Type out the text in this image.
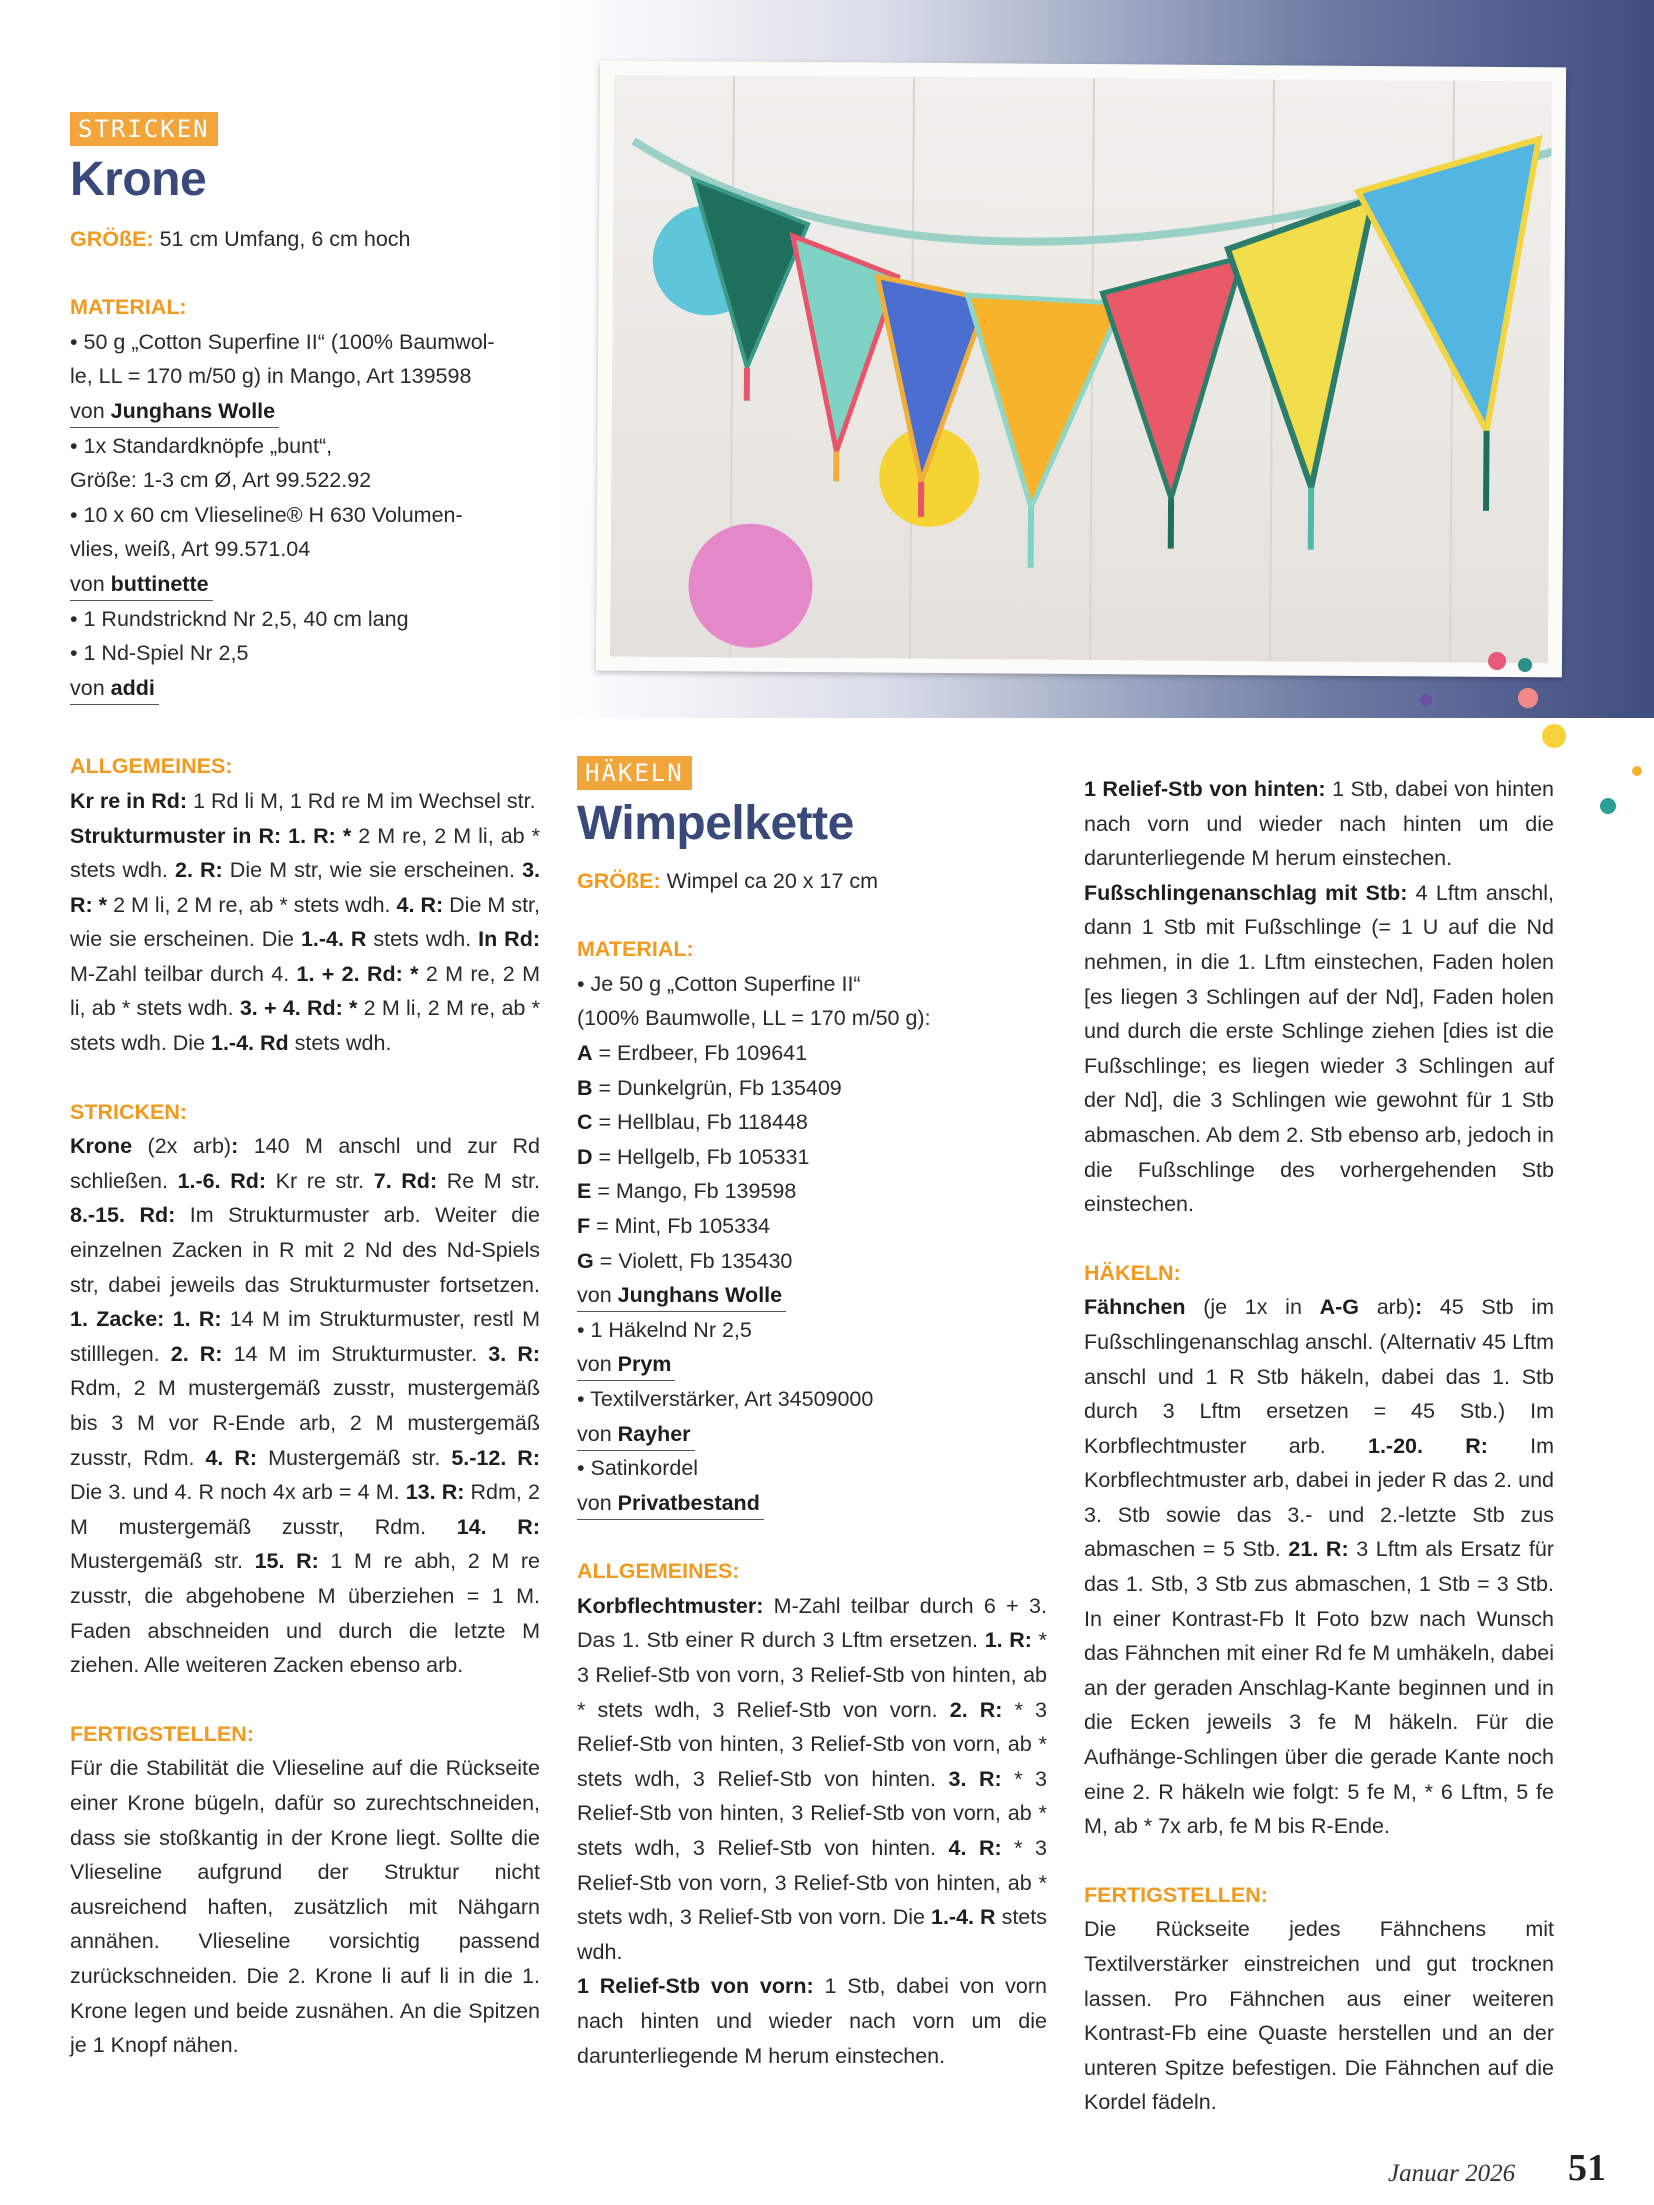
STRICKEN
Krone

GRÖßE: 51 cm Umfang, 6 cm hoch

MATERIAL:

• 50 g „Cotton Superfine II“ (100% Baumwol-

le, LL = 170 m/50 g) in Mango, Art 139598

von Junghans Wolle

• 1x Standardknöpfe „bunt“,

Größe: 1-3 cm Ø, Art 99.522.92

• 10 x 60 cm Vlieseline® H 630 Volumen-

vlies, weiß, Art 99.571.04

von buttinette

• 1 Rundstricknd Nr 2,5, 40 cm lang

• 1 Nd-Spiel Nr 2,5

von addi

ALLGEMEINES:

Kr re in Rd: 1 Rd li M, 1 Rd re M im Wechsel str.

Strukturmuster in R: 1. R: * 2 M re, 2 M li, ab * stets wdh. 2. R: Die M str, wie sie erscheinen. 3. R: * 2 M li, 2 M re, ab * stets wdh. 4. R: Die M str, wie sie erscheinen. Die 1.-4. R stets wdh. In Rd: M-Zahl teilbar durch 4. 1. + 2. Rd: * 2 M re, 2 M li, ab * stets wdh. 3. + 4. Rd: * 2 M li, 2 M re, ab * stets wdh. Die 1.-4. Rd stets wdh.

STRICKEN:

Krone (2x arb): 140 M anschl und zur Rd schließen. 1.-6. Rd: Kr re str. 7. Rd: Re M str. 8.-15. Rd: Im Strukturmuster arb. Weiter die einzelnen Zacken in R mit 2 Nd des Nd-Spiels str, dabei jeweils das Strukturmuster fortsetzen. 1. Zacke: 1. R: 14 M im Strukturmuster, restl M stilllegen. 2. R: 14 M im Strukturmuster. 3. R: Rdm, 2 M mustergemäß zusstr, mustergemäß bis 3 M vor R-Ende arb, 2 M mustergemäß zusstr, Rdm. 4. R: Mustergemäß str. 5.-12. R: Die 3. und 4. R noch 4x arb = 4 M. 13. R: Rdm, 2 M mustergemäß zusstr, Rdm. 14. R: Mustergemäß str. 15. R: 1 M re abh, 2 M re zusstr, die abgehobene M überziehen = 1 M. Faden abschneiden und durch die letzte M ziehen. Alle weiteren Zacken ebenso arb.

FERTIGSTELLEN:

Für die Stabilität die Vlieseline auf die Rückseite einer Krone bügeln, dafür so zurechtschneiden, dass sie stoßkantig in der Krone liegt. Sollte die Vlieseline aufgrund der Struktur nicht ausreichend haften, zusätzlich mit Nähgarn annähen. Vlieseline vorsichtig passend zurückschneiden. Die 2. Krone li auf li in die 1. Krone legen und beide zusnähen. An die Spitzen je 1 Knopf nähen.

HÄKELN
Wimpelkette

GRÖßE: Wimpel ca 20 x 17 cm

MATERIAL:

• Je 50 g „Cotton Superfine II“

(100% Baumwolle, LL = 170 m/50 g):

A = Erdbeer, Fb 109641

B = Dunkelgrün, Fb 135409

C = Hellblau, Fb 118448

D = Hellgelb, Fb 105331

E = Mango, Fb 139598

F = Mint, Fb 105334

G = Violett, Fb 135430

von Junghans Wolle

• 1 Häkelnd Nr 2,5

von Prym

• Textilverstärker, Art 34509000

von Rayher

• Satinkordel

von Privatbestand

ALLGEMEINES:

Korbflechtmuster: M-Zahl teilbar durch 6 + 3. Das 1. Stb einer R durch 3 Lftm ersetzen. 1. R: * 3 Relief-Stb von vorn, 3 Relief-Stb von hinten, ab * stets wdh, 3 Relief-Stb von vorn. 2. R: * 3 Relief-Stb von hinten, 3 Relief-Stb von vorn, ab * stets wdh, 3 Relief-Stb von hinten. 3. R: * 3 Relief-Stb von hinten, 3 Relief-Stb von vorn, ab * stets wdh, 3 Relief-Stb von hinten. 4. R: * 3 Relief-Stb von vorn, 3 Relief-Stb von hinten, ab * stets wdh, 3 Relief-Stb von vorn. Die 1.-4. R stets wdh.

1 Relief-Stb von vorn: 1 Stb, dabei von vorn nach hinten und wieder nach vorn um die darunterliegende M herum einstechen.

1 Relief-Stb von hinten: 1 Stb, dabei von hinten nach vorn und wieder nach hinten um die darunterliegende M herum einstechen.

Fußschlingenanschlag mit Stb: 4 Lftm anschl, dann 1 Stb mit Fußschlinge (= 1 U auf die Nd nehmen, in die 1. Lftm einstechen, Faden holen [es liegen 3 Schlingen auf der Nd], Faden holen und durch die erste Schlinge ziehen [dies ist die Fußschlinge; es liegen wieder 3 Schlingen auf der Nd], die 3 Schlingen wie gewohnt für 1 Stb abmaschen. Ab dem 2. Stb ebenso arb, jedoch in die Fußschlinge des vorhergehenden Stb einstechen.

HÄKELN:

Fähnchen (je 1x in A-G arb): 45 Stb im Fußschlingenanschlag anschl. (Alternativ 45 Lftm anschl und 1 R Stb häkeln, dabei das 1. Stb durch 3 Lftm ersetzen = 45 Stb.) Im Korbflechtmuster arb. 1.-20. R: Im Korbflechtmuster arb, dabei in jeder R das 2. und 3. Stb sowie das 3.- und 2.-letzte Stb zus abmaschen = 5 Stb. 21. R: 3 Lftm als Ersatz für das 1. Stb, 3 Stb zus abmaschen, 1 Stb = 3 Stb. In einer Kontrast-Fb lt Foto bzw nach Wunsch das Fähnchen mit einer Rd fe M umhäkeln, dabei an der geraden Anschlag-Kante beginnen und in die Ecken jeweils 3 fe M häkeln. Für die Aufhänge-Schlingen über die gerade Kante noch eine 2. R häkeln wie folgt: 5 fe M, * 6 Lftm, 5 fe M, ab * 7x arb, fe M bis R-Ende.

FERTIGSTELLEN:

Die Rückseite jedes Fähnchens mit Textilverstärker einstreichen und gut trocknen lassen. Pro Fähnchen aus einer weiteren Kontrast-Fb eine Quaste herstellen und an der unteren Spitze befestigen. Die Fähnchen auf die Kordel fädeln.

Januar 2026 51
